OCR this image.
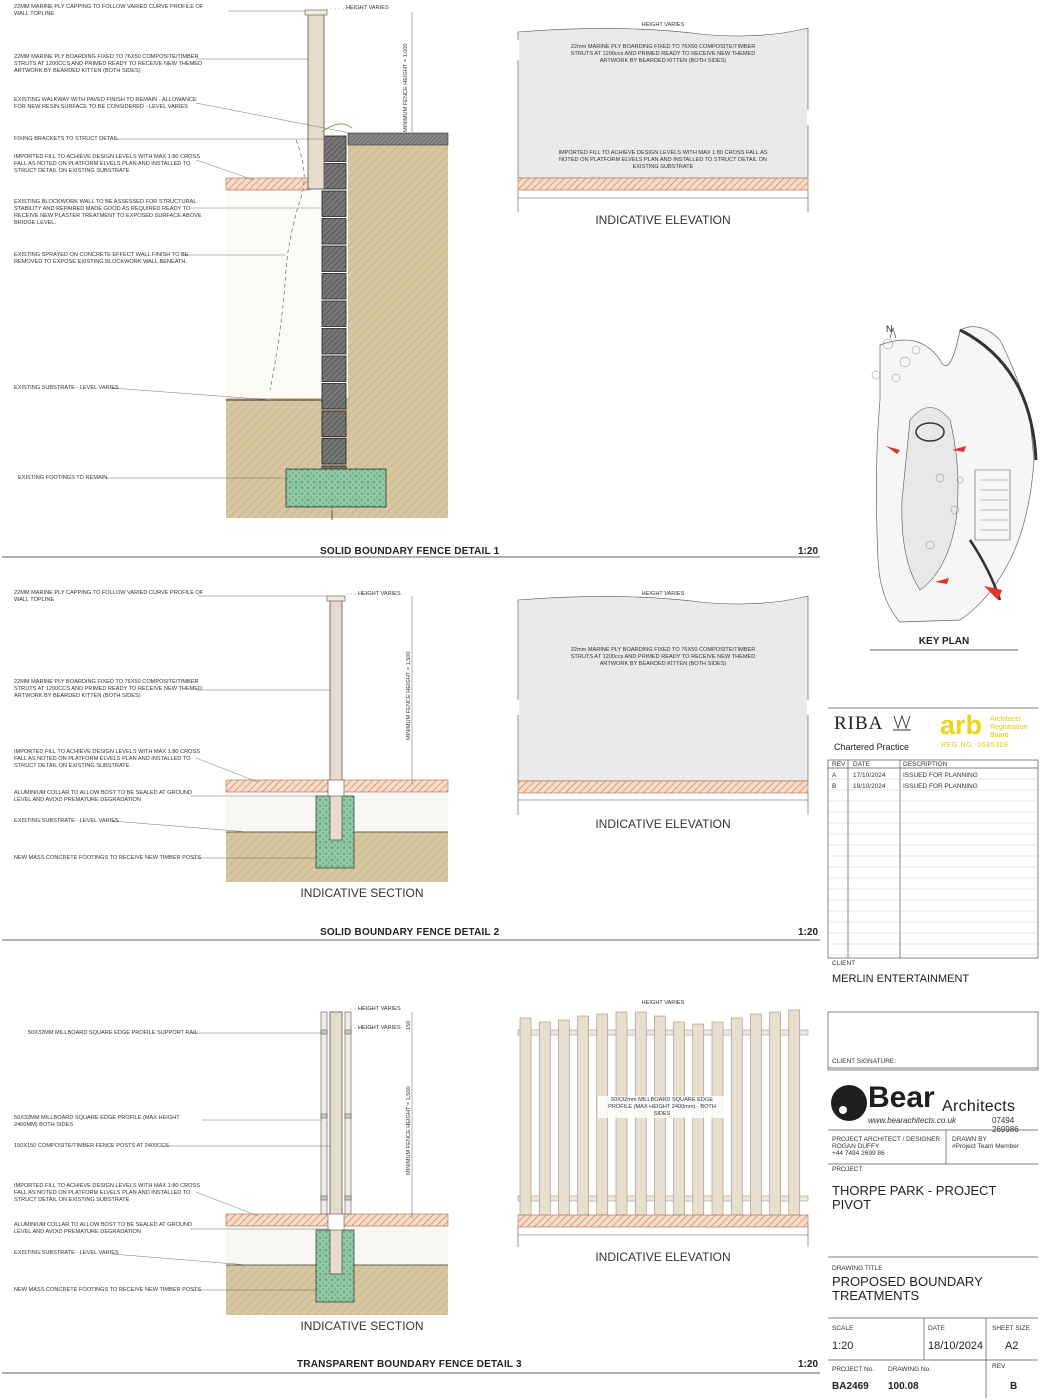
22MM MARINE PLY CAPPING TO FOLLOW VARIED CURVE PROFILE OF WALL TOPLINE
22MM MARINE PLY BOARDING FIXED TO 76X50 COMPOSITE/TIMBER STRUTS AT 1200CCS AND PRIMED READY TO RECEIVE NEW THEMED ARTWORK BY BEARDED KITTEN (BOTH SIDES)
EXISTING WALKWAY WITH PAVED FINISH TO REMAIN - ALLOWANCE FOR NEW RESIN SURFACE TO BE CONSIDERED - LEVEL VARIES
FIXING BRACKETS TO STRUCT DETAIL
IMPORTED FILL TO ACHIEVE DESIGN LEVELS WITH MAX 1:80 CROSS FALL AS NOTED ON PLATFORM ELVELS PLAN AND INSTALLED TO STRUCT DETAIL ON EXISTING SUBSTRATE
EXISTING BLOCKWORK WALL TO BE ASSESSED FOR STRUCTURAL STABILITY AND REPAIRED MADE GOOD AS REQUIRED READY TO RECEIVE NEW PLASTER TREATMENT TO EXPOSED SURFACE ABOVE BRIDGE LEVEL.
EXISTING SPRAYED ON CONCRETE EFFECT WALL FINISH TO BE REMOVED TO EXPOSE EXISTING BLOCKWORK WALL BENEATH.
EXISTING SUBSTRATE - LEVEL VARIES
EXISTING FOOTINGS TO REMAIN
HEIGHT VARIES
MINIMUM FENCE HEIGHT = 1,000
SOLID BOUNDARY FENCE DETAIL 1	1:20
HEIGHT VARIES
22mm MARINE PLY BOARDING FIXED TO 76X50 COMPOSITE/TIMBER STRUTS AT 1200ccs AND PRIMED READY TO RECEIVE NEW THEMED ARTWORK BY BEARDED KITTEN (BOTH SIDES)
IMPORTED FILL TO ACHIEVE DESIGN LEVELS WITH MAX 1:80 CROSS FALL AS NOTED ON PLATFORM ELVELS PLAN AND INSTALLED TO STRUCT DETAIL ON EXISTING SUBSTRATE
INDICATIVE ELEVATION
22MM MARINE PLY CAPPING TO FOLLOW VARIED CURVE PROFILE OF WALL TOPLINE
22MM MARINE PLY BOARDING FIXED TO 76X50 COMPOSITE/TIMBER STRUTS AT 1200CCS AND PRIMED READY TO RECEIVE NEW THEMED ARTWORK BY BEARDED KITTEN (BOTH SIDES)
IMPORTED FILL TO ACHIEVE DESIGN LEVELS WITH MAX 1:80 CROSS FALL AS NOTED ON PLATFORM ELVELS PLAN AND INSTALLED TO STRUCT DETAIL ON EXISTING SUBSTRATE
ALUMINIUM COLLAR TO ALLOW BOST TO BE SEALED AT GROUND LEVEL AND AVOID PREMATURE DEGRADATION
EXISTING SUBSTRATE - LEVEL VARIES
NEW MASS CONCRETE FOOTINGS TO RECEIVE NEW TIMBER POSTS
HEIGHT VARIES
MINIMUM FENCE HEIGHT = 1,500
INDICATIVE SECTION
SOLID BOUNDARY FENCE DETAIL 2	1:20
HEIGHT VARIES
22mm MARINE PLY BOARDING FIXED TO 76X50 COMPOSITE/TIMBER STRUTS AT 1200ccs AND PRIMED READY TO RECEIVE NEW THEMED ARTWORK BY BEARDED KITTEN (BOTH SIDES)
INDICATIVE ELEVATION
50X32MM MILLBOARD SQUARE EDGE PROFILE SUPPORT RAIL
50X32MM MILLBOARD SQUARE EDGE PROFILE (MAX HEIGHT 2400MM) BOTH SIDES
150X150 COMPOSITE/TIMBER FENCE POSTS AT 2400CCS
IMPORTED FILL TO ACHIEVE DESIGN LEVELS WITH MAX 1:80 CROSS FALL AS NOTED ON PLATFORM ELVELS PLAN AND INSTALLED TO STRUCT DETAIL ON EXISTING SUBSTRATE
ALUMINIUM COLLAR TO ALLOW BOST TO BE SEALED AT GROUND LEVEL AND AVOID PREMATURE DEGRADATION
EXISTING SUBSTRATE - LEVEL VARIES
NEW MASS CONCRETE FOOTINGS TO RECEIVE NEW TIMBER POSTS
HEIGHT VARIES
HEIGHT VARIES 150
MINIMUM FENCE HEIGHT = 1,500
INDICATIVE SECTION
TRANSPARENT BOUNDARY FENCE DETAIL 3	1:20
HEIGHT VARIES
50X32mm MILLBOARD SQUARE EDGE PROFILE (MAX HEIGHT 2400mm) - BOTH SIDES
INDICATIVE ELEVATION
N
KEY PLAN
RIBA
Chartered Practice
arb Architects
Registration
Board
REG NO: 068530E
REV DATE	DESCRIPTION
A	17/10/2024	ISSUED FOR PLANNING
B	18/10/2024	ISSUED FOR PLANNING
CLIENT
MERLIN ENTERTAINMENT
CLIENT SIGNATURE:
Bear Architects
www.bearachitects.co.uk	07494 269986
PROJECT ARCHITECT / DESIGNER
ROGAN DUFFY
+44 7494 2699 86
DRAWN BY
#Project Team Member
PROJECT
THORPE PARK - PROJECT
PIVOT
DRAWING TITLE
PROPOSED BOUNDARY
TREATMENTS
SCALE
1:20
DATE
18/10/2024
SHEET SIZE
A2
PROJECT No. DRAWING No.	REV
BA2469 100.08	B
